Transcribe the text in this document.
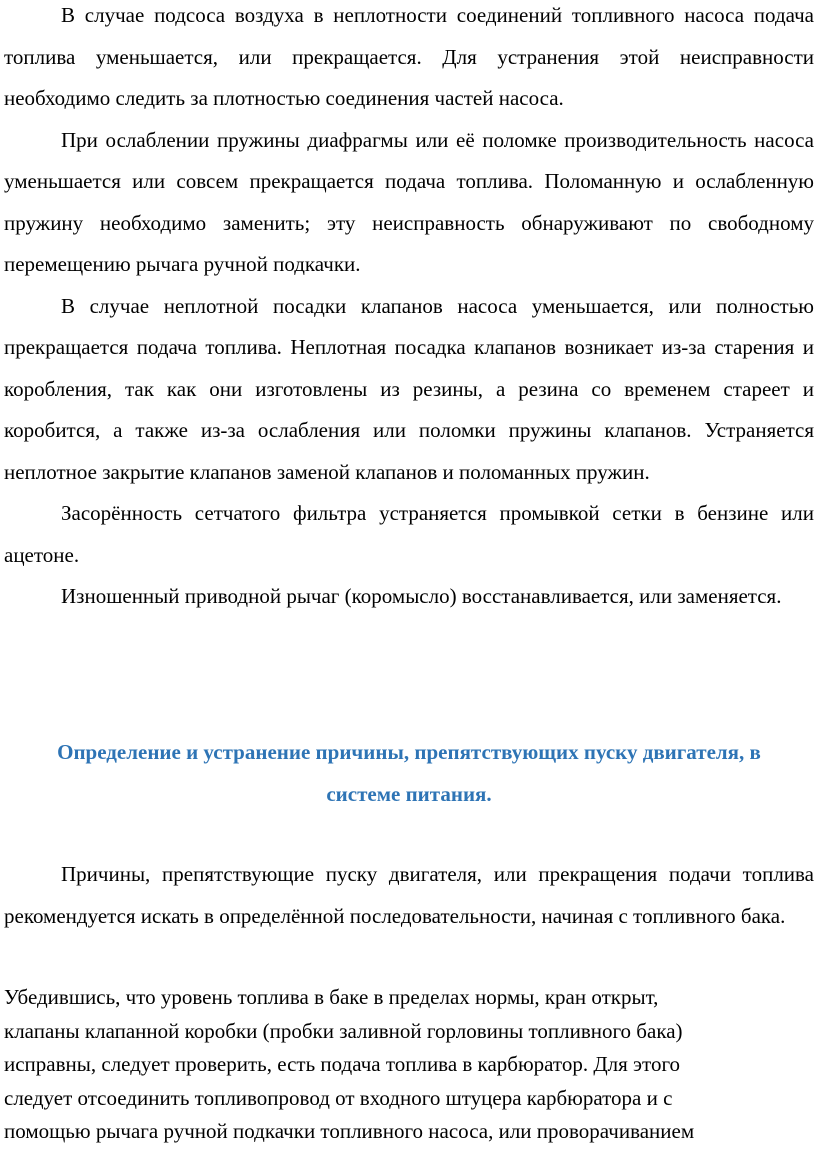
В случае подсоса воздуха в неплотности соединений топливного насоса подача топлива уменьшается, или прекращается. Для устранения этой неисправности необходимо следить за плотностью соединения частей насоса.

При ослаблении пружины диафрагмы или её поломке производительность насоса уменьшается или совсем прекращается подача топлива. Поломанную и ослабленную пружину необходимо заменить; эту неисправность обнаруживают по свободному перемещению рычага ручной подкачки.

В случае неплотной посадки клапанов насоса уменьшается, или полностью прекращается подача топлива. Неплотная посадка клапанов возникает из-за старения и коробления, так как они изготовлены из резины, а резина со временем стареет и коробится, а также из-за ослабления или поломки пружины клапанов. Устраняется неплотное закрытие клапанов заменой клапанов и поломанных пружин.

Засорённость сетчатого фильтра устраняется промывкой сетки в бензине или ацетоне.

Изношенный приводной рычаг (коромысло) восстанавливается, или заменяется.

Определение и устранение причины, препятствующих пуску двигателя, в

системе питания.

Причины, препятствующие пуску двигателя, или прекращения подачи топлива рекомендуется искать в определённой последовательности, начиная с топливного бака.

Убедившись, что уровень топлива в баке в пределах нормы, кран открыт,

клапаны клапанной коробки (пробки заливной горловины топливного бака)

исправны, следует проверить, есть подача топлива в карбюратор. Для этого

следует отсоединить топливопровод от входного штуцера карбюратора и с

помощью рычага ручной подкачки топливного насоса, или проворачиванием
